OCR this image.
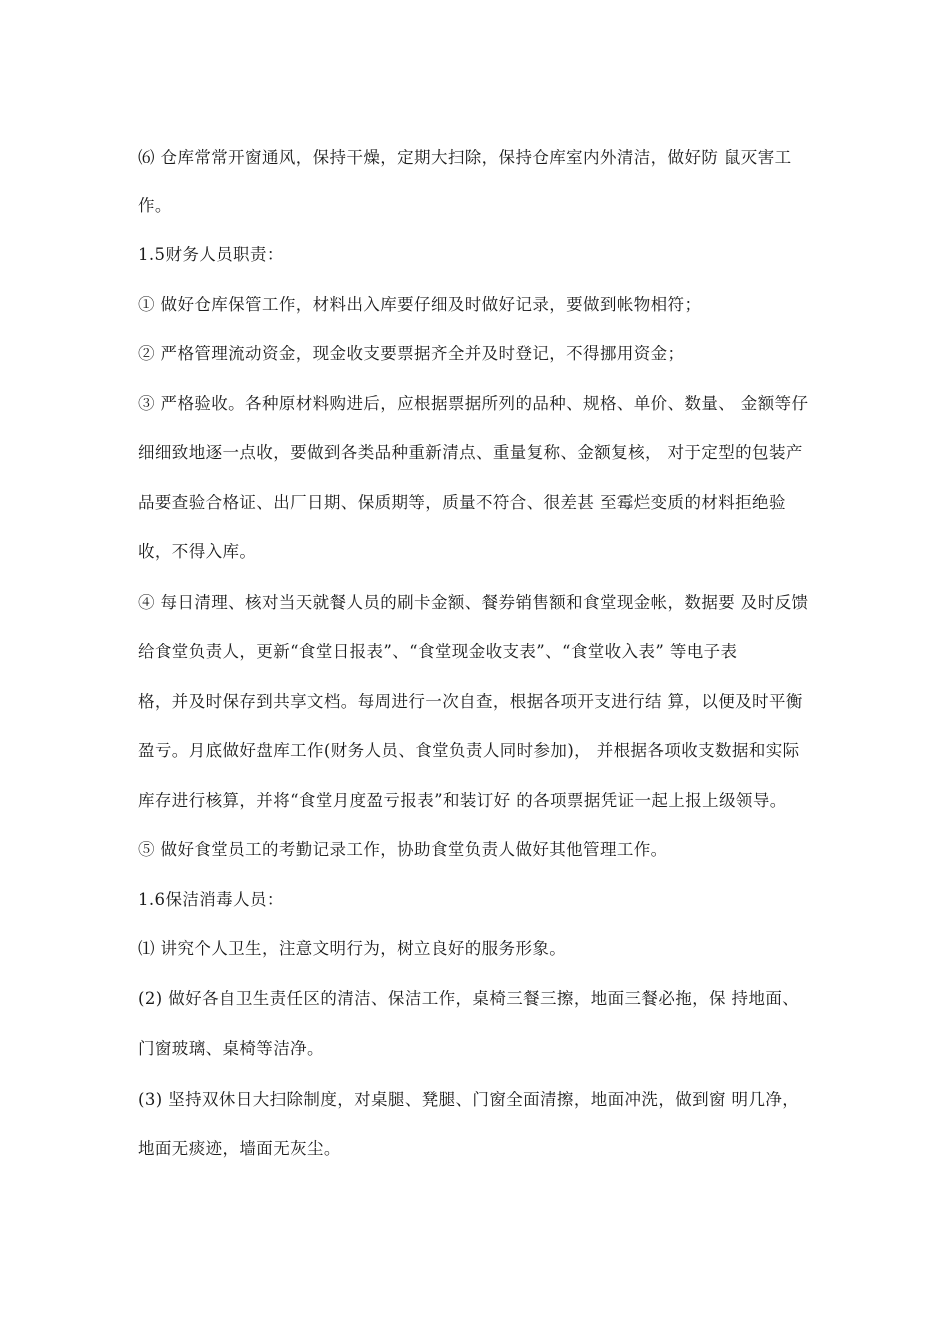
⑹ 仓库常常开窗通风，保持干燥，定期大扫除，保持仓库室内外清洁，做好防 鼠灭害工

作。

1.5财务人员职责：

① 做好仓库保管工作，材料出入库要仔细及时做好记录，要做到帐物相符；

② 严格管理流动资金，现金收支要票据齐全并及时登记，不得挪用资金；

③ 严格验收。各种原材料购进后，应根据票据所列的品种、规格、单价、数量、 金额等仔

细细致地逐一点收，要做到各类品种重新清点、重量复称、金额复核， 对于定型的包装产

品要查验合格证、出厂日期、保质期等，质量不符合、很差甚 至霉烂变质的材料拒绝验

收，不得入库。

④ 每日清理、核对当天就餐人员的刷卡金额、餐券销售额和食堂现金帐，数据要 及时反馈

给食堂负责人，更新“食堂日报表”、“食堂现金收支表”、“食堂收入表” 等电子表

格，并及时保存到共享文档。每周进行一次自查，根据各项开支进行结 算，以便及时平衡

盈亏。月底做好盘库工作(财务人员、食堂负责人同时参加)， 并根据各项收支数据和实际

库存进行核算，并将“食堂月度盈亏报表”和装订好 的各项票据凭证一起上报上级领导。

⑤ 做好食堂员工的考勤记录工作，协助食堂负责人做好其他管理工作。

1.6保洁消毒人员：

⑴ 讲究个人卫生，注意文明行为，树立良好的服务形象。

(2) 做好各自卫生责任区的清洁、保洁工作，桌椅三餐三擦，地面三餐必拖，保 持地面、

门窗玻璃、桌椅等洁净。

(3) 坚持双休日大扫除制度，对桌腿、凳腿、门窗全面清擦，地面冲洗，做到窗 明几净，

地面无痰迹，墙面无灰尘。
